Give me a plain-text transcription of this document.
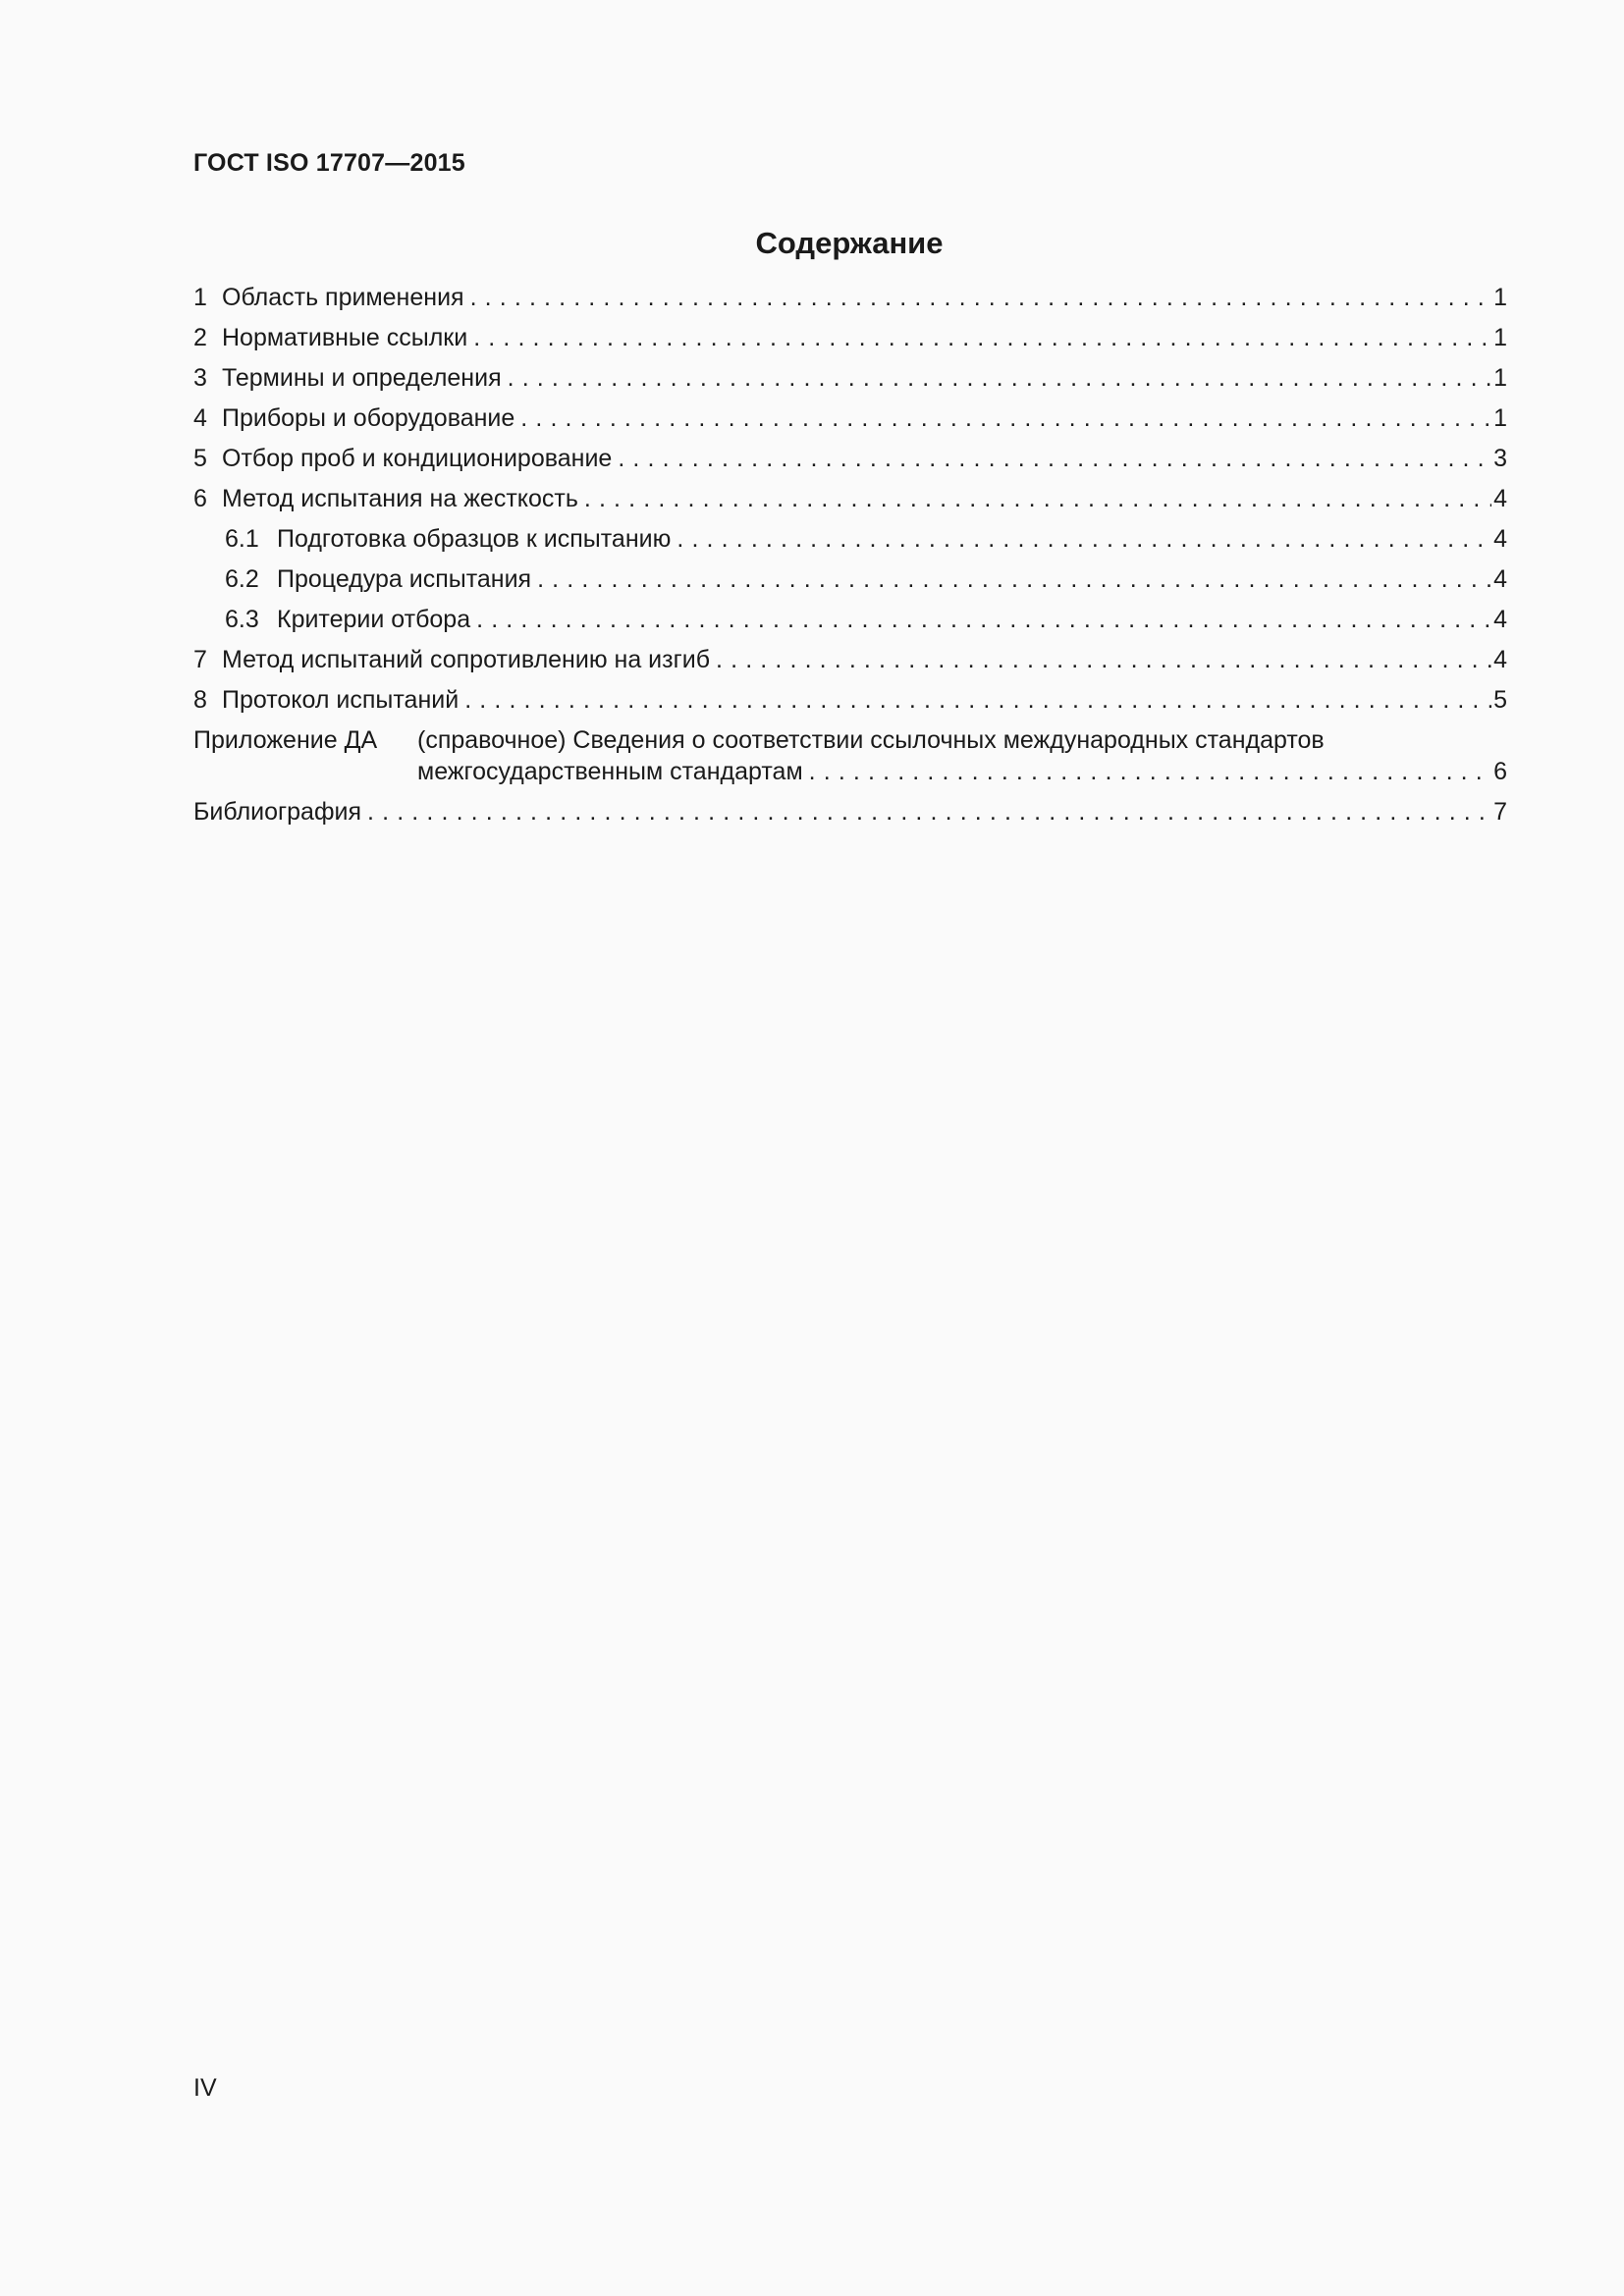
ГОСТ ISO 17707—2015
Содержание
1 Область применения . . .	1
2 Нормативные ссылки . . .	1
3 Термины и определения . . .	1
4 Приборы и оборудование . . .	1
5 Отбор проб и кондиционирование . . .	3
6 Метод испытания на жесткость . . .	4
6.1 Подготовка образцов к испытанию . . .	4
6.2 Процедура испытания . . .	4
6.3 Критерии отбора . . .	4
7 Метод испытаний сопротивлению на изгиб . . .	4
8 Протокол испытаний . . .	5
Приложение ДА	(справочное) Сведения о соответствии ссылочных международных стандартов
межгосударственным стандартам . . .	6
Библиография . . .	7
IV
